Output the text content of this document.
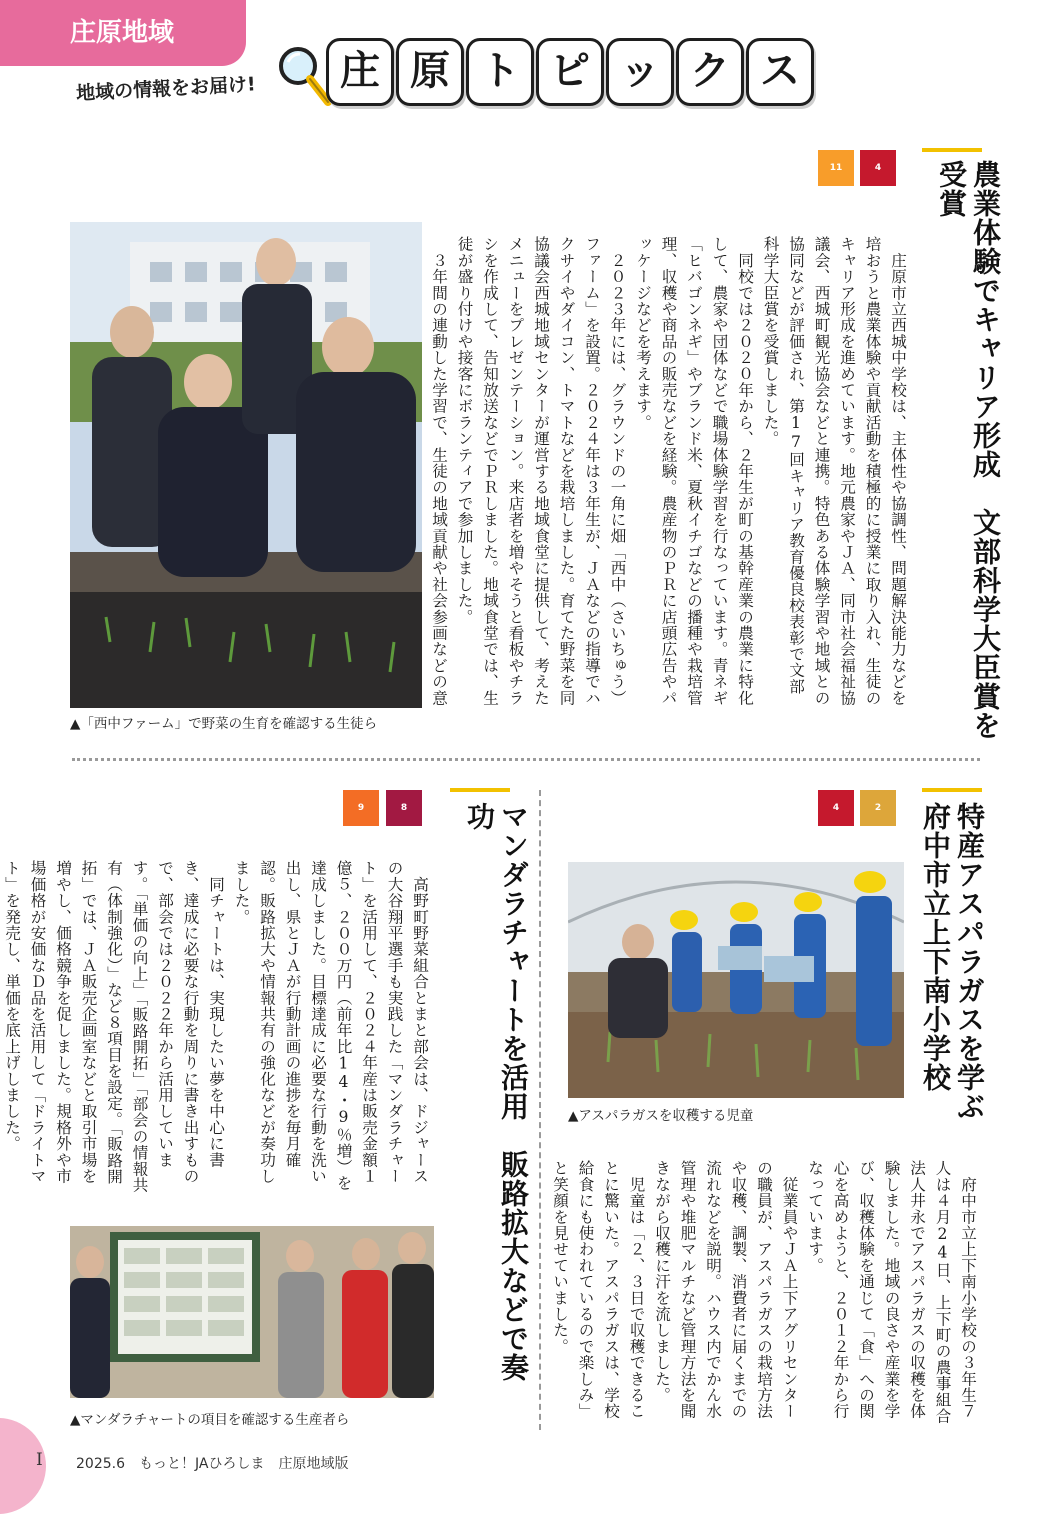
庄原地域
地域の情報をお届け!	庄 原 ト ピ ッ ク ス
11	4	農業体験でキャリア形成　文部科学大臣賞を受賞
　庄原市立西城中学校は、主体性や協調性、問題解決能力などを培おうと農業体験や貢献活動を積極的に授業に取り入れ、生徒のキャリア形成を進めています。地元農家やＪＡ、同市社会福祉協議会、西城町観光協会などと連携。特色ある体験学習や地域との協同などが評価され、第17回キャリア教育優良校表彰で文部科学大臣賞を受賞しました。
　同校では２０２０年から、２年生が町の基幹産業の農業に特化して、農家や団体などで職場体験学習を行なっています。青ネギ「ヒバゴンネギ」やブランド米、夏秋イチゴなどの播種や栽培管理、収穫や商品の販売などを経験。農産物のＰＲに店頭広告やパッケージなどを考えます。
　２０２３年には、グラウンドの一角に畑「西中（さいちゅう）ファーム」を設置。２０２４年は３年生が、ＪＡなどの指導でハクサイやダイコン、トマトなどを栽培しました。育てた野菜を同協議会西城地域センターが運営する地域食堂に提供して、考えたメニューをプレゼンテーション。来店者を増やそうと看板やチラシを作成して、告知放送などでＰＲしました。地域食堂では、生徒が盛り付けや接客にボランティアで参加しました。
　３年間の連動した学習で、生徒の地域貢献や社会参画などの意
▲「西中ファーム」で野菜の生育を確認する生徒ら
9	8	マンダラチャートを活用　販路拡大などで奏功
　高野町野菜組合とまと部会は、ドジャースの大谷翔平選手も実践した「マンダラチャート」を活用して、２０２４年産は販売金額１億５、２００万円（前年比14・9％増）を達成しました。目標達成に必要な行動を洗い出し、県とＪＡが行動計画の進捗を毎月確認。販路拡大や情報共有の強化などが奏功しました。
　同チャートは、実現したい夢を中心に書き、達成に必要な行動を周りに書き出すもので、部会では２０２２年から活用しています。「単価の向上」「販路開拓」「部会の情報共有（体制強化）」など８項目を設定。「販路開拓」では、ＪＡ販売企画室などと取引市場を増やし、価格競争を促しました。規格外や市場価格が安価なＤ品を活用して「ドライトマト」を発売し、単価を底上げしました。
▲マンダラチャートの項目を確認する生産者ら
4	2	特産アスパラガスを学ぶ　府中市立上下南小学校
▲アスパラガスを収穫する児童
　府中市立上下南小学校の３年生７人は４月24日、上下町の農事組合法人井永でアスパラガスの収穫を体験しました。地域の良さや産業を学び、収穫体験を通じて「食」への関心を高めようと、２０１２年から行なっています。
　従業員やＪＡ上下アグリセンターの職員が、アスパラガスの栽培方法や収穫、調製、消費者に届くまでの流れなどを説明。ハウス内でかん水管理や堆肥マルチなど管理方法を聞きながら収穫に汗を流しました。
　児童は「２、３日で収穫できることに驚いた。アスパラガスは、学校給食にも使われているので楽しみ」と笑顔を見せていました。
I 2025.6　もっと！JAひろしま　庄原地域版
